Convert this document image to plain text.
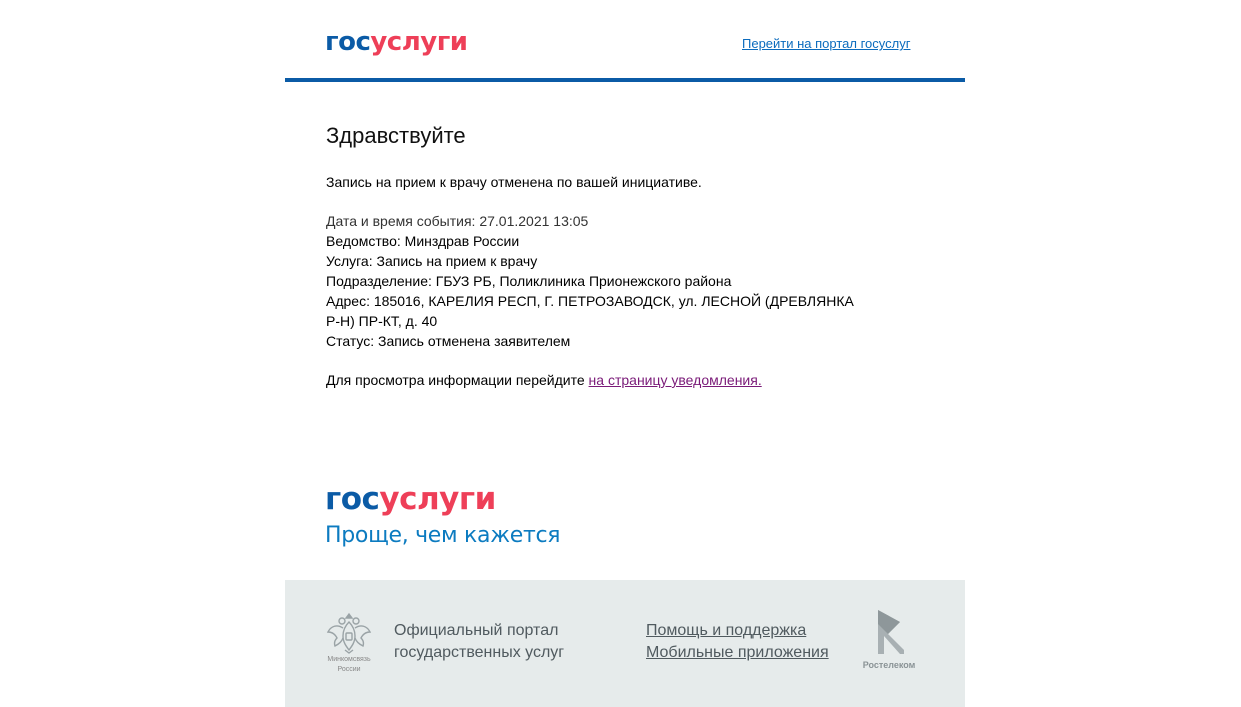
госуслуги	Перейти на портал госуслуг
Здравствуйте
Запись на прием к врачу отменена по вашей инициативе.
Дата и время события: 27.01.2021 13:05
Ведомство: Минздрав России
Услуга: Запись на прием к врачу
Подразделение: ГБУЗ РБ, Поликлиника Прионежского района
Адрес: 185016, КАРЕЛИЯ РЕСП, Г. ПЕТРОЗАВОДСК, ул. ЛЕСНОЙ (ДРЕВЛЯНКА
Р-Н) ПР-КТ, д. 40
Статус: Запись отменена заявителем
Для просмотра информации перейдите на страницу уведомления.
госуслуги
Проще, чем кажется
Минкомсвязь
России
Официальный портал
государственных услуг
Помощь и поддержка
Мобильные приложения
Ростелеком
